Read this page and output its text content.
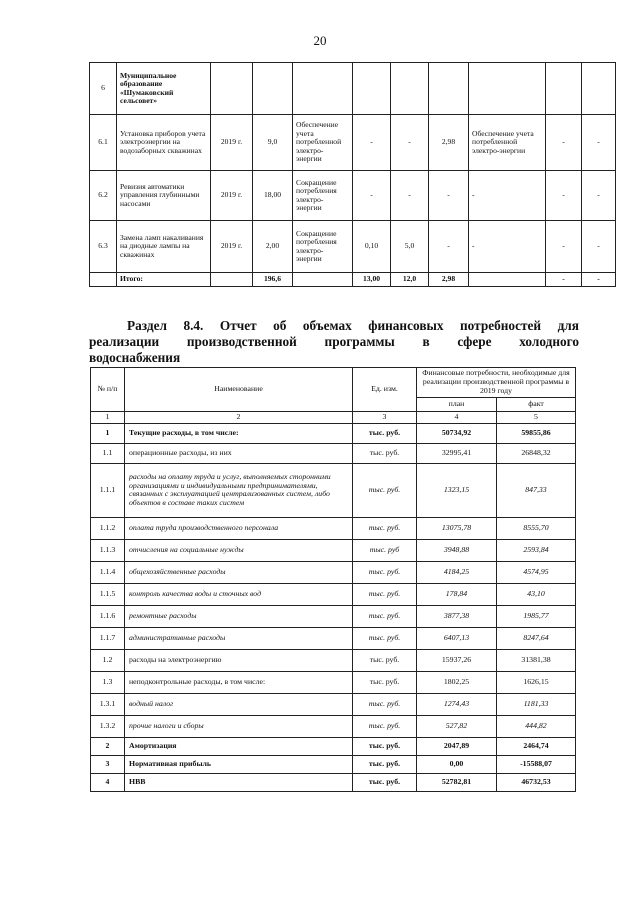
20
6	Муниципальное образование «Шумаковский сельсовет»									
6.1	Установка приборов учета электроэнергии на водозаборных скважинах	2019 г.	9,0	Обеспечение учета потребленной электро-энергии	-	-	2,98	Обеспечение учета потребленной электро-энергии	-	-
6.2	Ревизия автоматики управления глубинными насосами	2019 г.	18,00	Сокращение потребления электро-энергии	-	-	-	-	-	-
6.3	Замена ламп накаливания на диодные лампы на скважинах	2019 г.	2,00	Сокращение потребления электро-энергии	0,10	5,0	-	-	-	-
	Итого:		196,6		13,00	12,0	2,98		-	-
Раздел 8.4. Отчет об объемах финансовых потребностей для
реализации производственной программы в сфере холодного
водоснабжения
№ п/п	Наименование	Ед. изм.	Финансовые потребности, необходимые для реализации производственной программы в 2019 году	
			план	факт
1	2	3	4	5
1	Текущие расходы, в том числе:	тыс. руб.	50734,92	59855,86
1.1	операционные расходы, из них	тыс. руб.	32995,41	26848,32
1.1.1	расходы на оплату труда и услуг, выполняемых сторонними организациями и индивидуальными предпринимателями, связанных с эксплуатацией централизованных систем, либо объектов в составе таких систем	тыс. руб.	1323,15	847,33
1.1.2	оплата труда производственного персонала	тыс. руб.	13075,78	8555,70
1.1.3	отчисления на социальные нужды	тыс. руб	3948,88	2593,84
1.1.4	общехозяйственные расходы	тыс. руб.	4184,25	4574,95
1.1.5	контроль качества воды и сточных вод	тыс. руб.	178,84	43,10
1.1.6	ремонтные расходы	тыс. руб.	3877,38	1985,77
1.1.7	административные расходы	тыс. руб.	6407,13	8247,64
1.2	расходы на электроэнергию	тыс. руб.	15937,26	31381,38
1.3	неподконтрольные расходы, в том числе:	тыс. руб.	1802,25	1626,15
1.3.1	водный налог	тыс. руб.	1274,43	1181,33
1.3.2	прочие налоги и сборы	тыс. руб.	527,82	444,82
2	Амортизация	тыс. руб.	2047,89	2464,74
3	Нормативная прибыль	тыс. руб.	0,00	-15588,07
4	НВВ	тыс. руб.	52782,81	46732,53
